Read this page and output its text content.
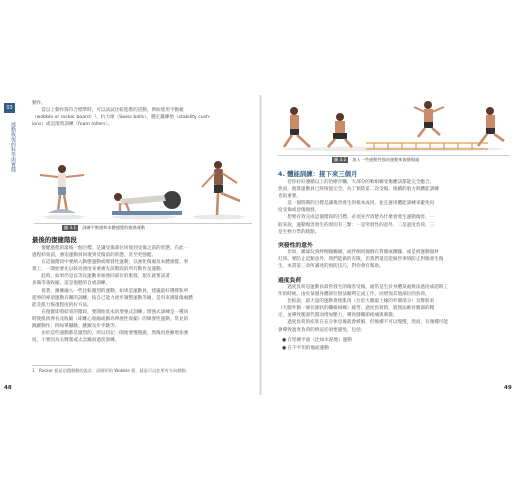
03
運動恢復的科學與實踐
動作。
　　當以上動作都符合標準時，可以試試比較進階的活動，例如使用平衡板
（wobble or rocker board）¹、抗力球（Swiss balls）、穩定鍛鍊墊（stability cush-
ions）或是滾筒訓練（foam rollers）。
圖 3.1 訓練平衡感和本體感覺的進階運動
最後的復健階段
　　復健過程的最後一個目標，是讓受傷部位回復到受傷之前的狀態，在此一
過程結束前，強迫運動員回復到受傷前的狀態，甚至更強健。
　　在這個階段中要納入動態運動或爆發性運動，以強化傷處及本體感覺。事
實上，一開始要先以較高強度來重複先前階段的所有動作及運動。
　　此時，如果仍是以等長運動來加強同部位的肌群，現在就要試著
多做等張收縮，這是復健的自重訓練。
　　接著，漸漸融入一些比較激烈的運動，如果是運動員，建議最好選擇和所
從事的專項運動有關的訓練，按自己能力逐步調整運動等級，是用來測量傷處體
能及肌力恢復程度的好方法。
　　在復健即將結束的階段，要開始基本的增強式訓練，增強式訓練是一種同
時使肌肉伸長及收縮（即離心收縮或稱為伸展性收縮）的爆發性運動，常見的
跳躍動作，例如單腳跳、跳躍及步步跳等。
　　由於這些運動都是激烈的，所以切記一開始要慢慢做，然後再逐漸增加強
度，不要因為太興奮或太急躁而過度訓練。
1　Rocker 板是沿穩移動的設計；而圓形的 Wobble 板，就是可以往所有方向移動。
48
圖 3.2 加入一些運動性強的運動來復健傷處
4. 體能訓練：接下來三個月
　　若你好好遵循以上的治療步驟，大部分的軟組織受傷應該都能完全癒合，
然而，就算運動員已經恢復完全，為了預防第二次受傷，後續的肌力與體能訓練
也很重要。
　　這一個時期的目標是讓傷害發生的根本成因，並且運用體能訓練來避免再
度受傷或惡傷復發。
　　想要有效完成這個階段的目標，必須先弄清楚為什麼會發生運動傷害，一
般來說，運動傷害發生的原因有三類：一是突發性的意外，二是過度負荷，三
是生物力學的缺點。
突發性的意外
　　比如，踢球玩到絆倒撞觸碰、或拌倒而撞倒在對膝或踝腳、或是被運動器材
打到、要防止這類意外，我們能做的有限，但我們還是能做些事情防止對脹發生傷
生，本書第三章所講述的預防技巧，對你會有幫助。
過度負荷
　　過度負荷是運動員最常發生的傷害受傷，通常是生於身體某處無法過度或超時工
作的時候。由於某個身體部位無法順利完成工作，而增加其他部位的負荷。
　　比較說，最大量的運動會使肌肉（位於大腿最上緣的外側部分）及臀肌束
（大腿外側一條長條狀的纖維組織）疲勞，過度負荷時，就無法維持腿部的穩
定，並導致腿部代償而增加壓力，導致膝關節疼痛與刺激。
　　過度負荷的症狀在充分休息後就會緩解，但後續不可以慢慢，然而，有幾種可能
會導致過度負荷的情況必須要避免，包括：
● 在堅硬平面（比如水泥地）運動
● 在不平坦的地面運動
49
